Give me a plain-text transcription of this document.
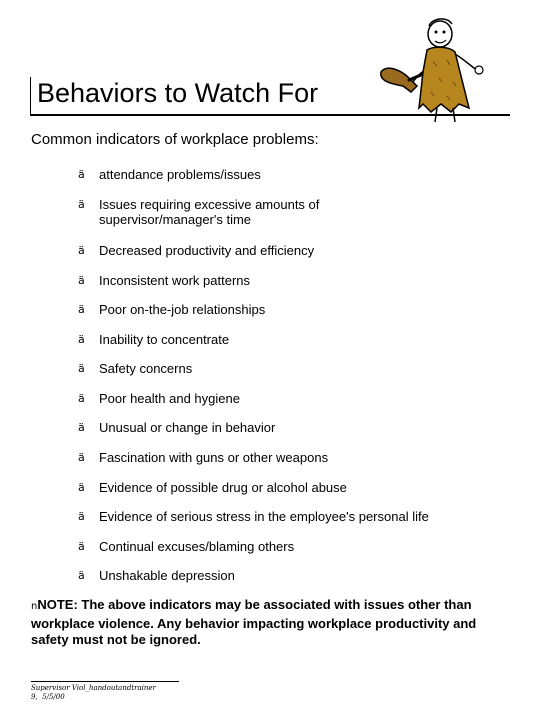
Behaviors to Watch For
Common indicators of workplace problems:
ä attendance problems/issues
ä Issues requiring excessive amounts of supervisor/manager's time
ä Decreased productivity and efficiency
ä Inconsistent work patterns
ä Poor on-the-job relationships
ä Inability to concentrate
ä Safety concerns
ä Poor health and hygiene
ä Unusual or change in behavior
ä Fascination with guns or other weapons
ä Evidence of possible drug or alcohol abuse
ä Evidence of serious stress in the employee's personal life
ä Continual excuses/blaming others
ä Unshakable depression
nNOTE: The above indicators may be associated with issues other than workplace violence. Any behavior impacting workplace productivity and safety must not be ignored.
Supervisor Viol_handoutandtrainer
9,  5/5/00
